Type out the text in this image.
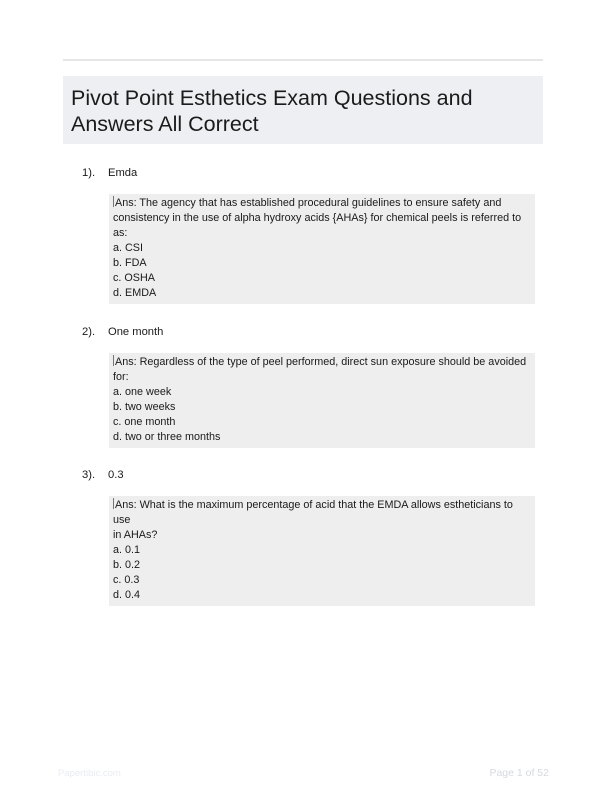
Pivot Point Esthetics Exam Questions and
Answers All Correct
1).	Emda
Ans: The agency that has established procedural guidelines to ensure safety and
consistency in the use of alpha hydroxy acids {AHAs} for chemical peels is referred to
as:
a. CSI
b. FDA
c. OSHA
d. EMDA
2).	One month
Ans: Regardless of the type of peel performed, direct sun exposure should be avoided
for:
a. one week
b. two weeks
c. one month
d. two or three months
3).	0.3
Ans: What is the maximum percentage of acid that the EMDA allows estheticians to use
in AHAs?
a. 0.1
b. 0.2
c. 0.3
d. 0.4
Papertibic.com	Page 1 of 52
